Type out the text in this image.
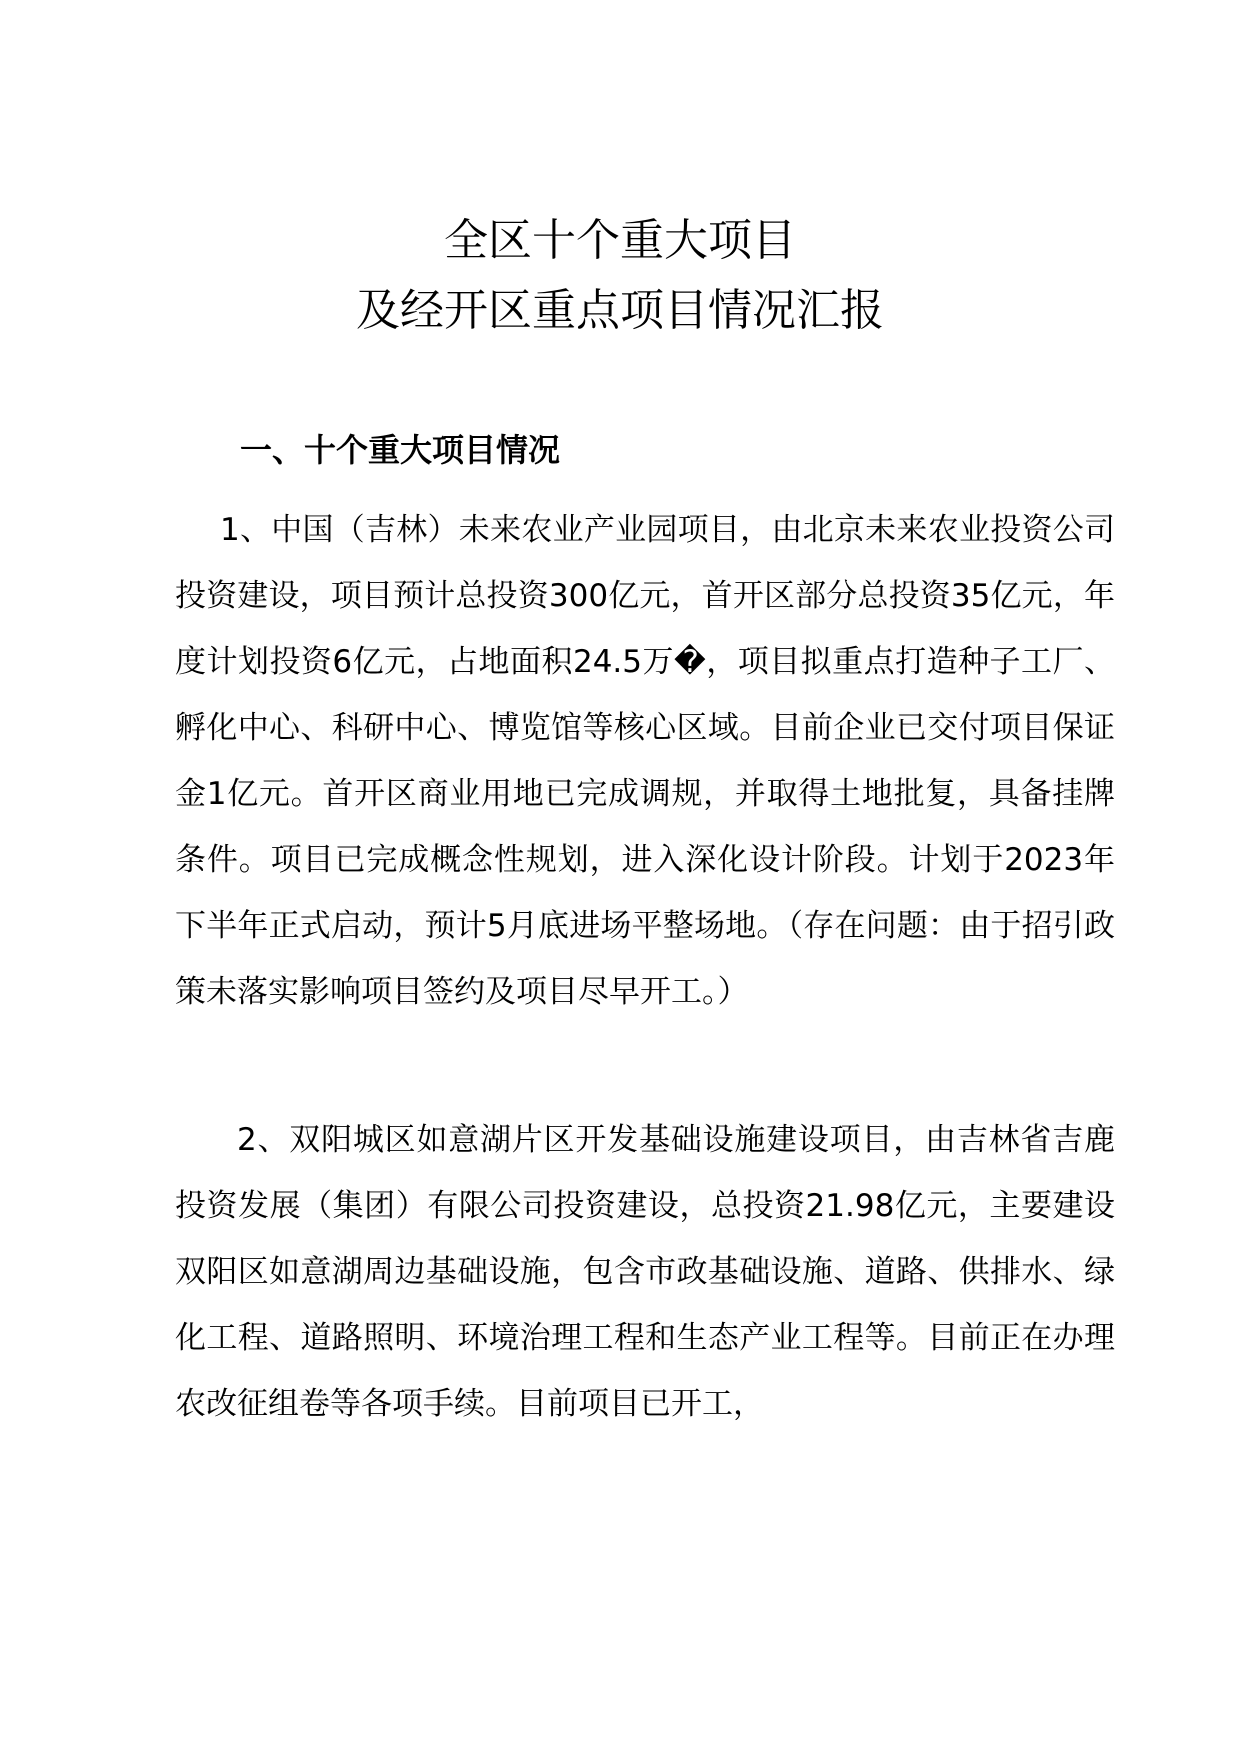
全区十个重大项目
及经开区重点项目情况汇报
一、十个重大项目情况

1、中国（吉林）未来农业产业园项目，由北京未来农业投资公司投资建设，项目预计总投资300亿元，首开区部分总投资35亿元，年度计划投资6亿元，占地面积24.5万�，项目拟重点打造种子工厂、孵化中心、科研中心、博览馆等核心区域。目前企业已交付项目保证金1亿元。首开区商业用地已完成调规，并取得土地批复，具备挂牌条件。项目已完成概念性规划，进入深化设计阶段。计划于2023年下半年正式启动，预计5月底进场平整场地。（存在问题：由于招引政策未落实影响项目签约及项目尽早开工。）

2、双阳城区如意湖片区开发基础设施建设项目，由吉林省吉鹿投资发展（集团）有限公司投资建设，总投资21.98亿元，主要建设双阳区如意湖周边基础设施，包含市政基础设施、道路、供排水、绿化工程、道路照明、环境治理工程和生态产业工程等。目前正在办理农改征组卷等各项手续。目前项目已开工，
